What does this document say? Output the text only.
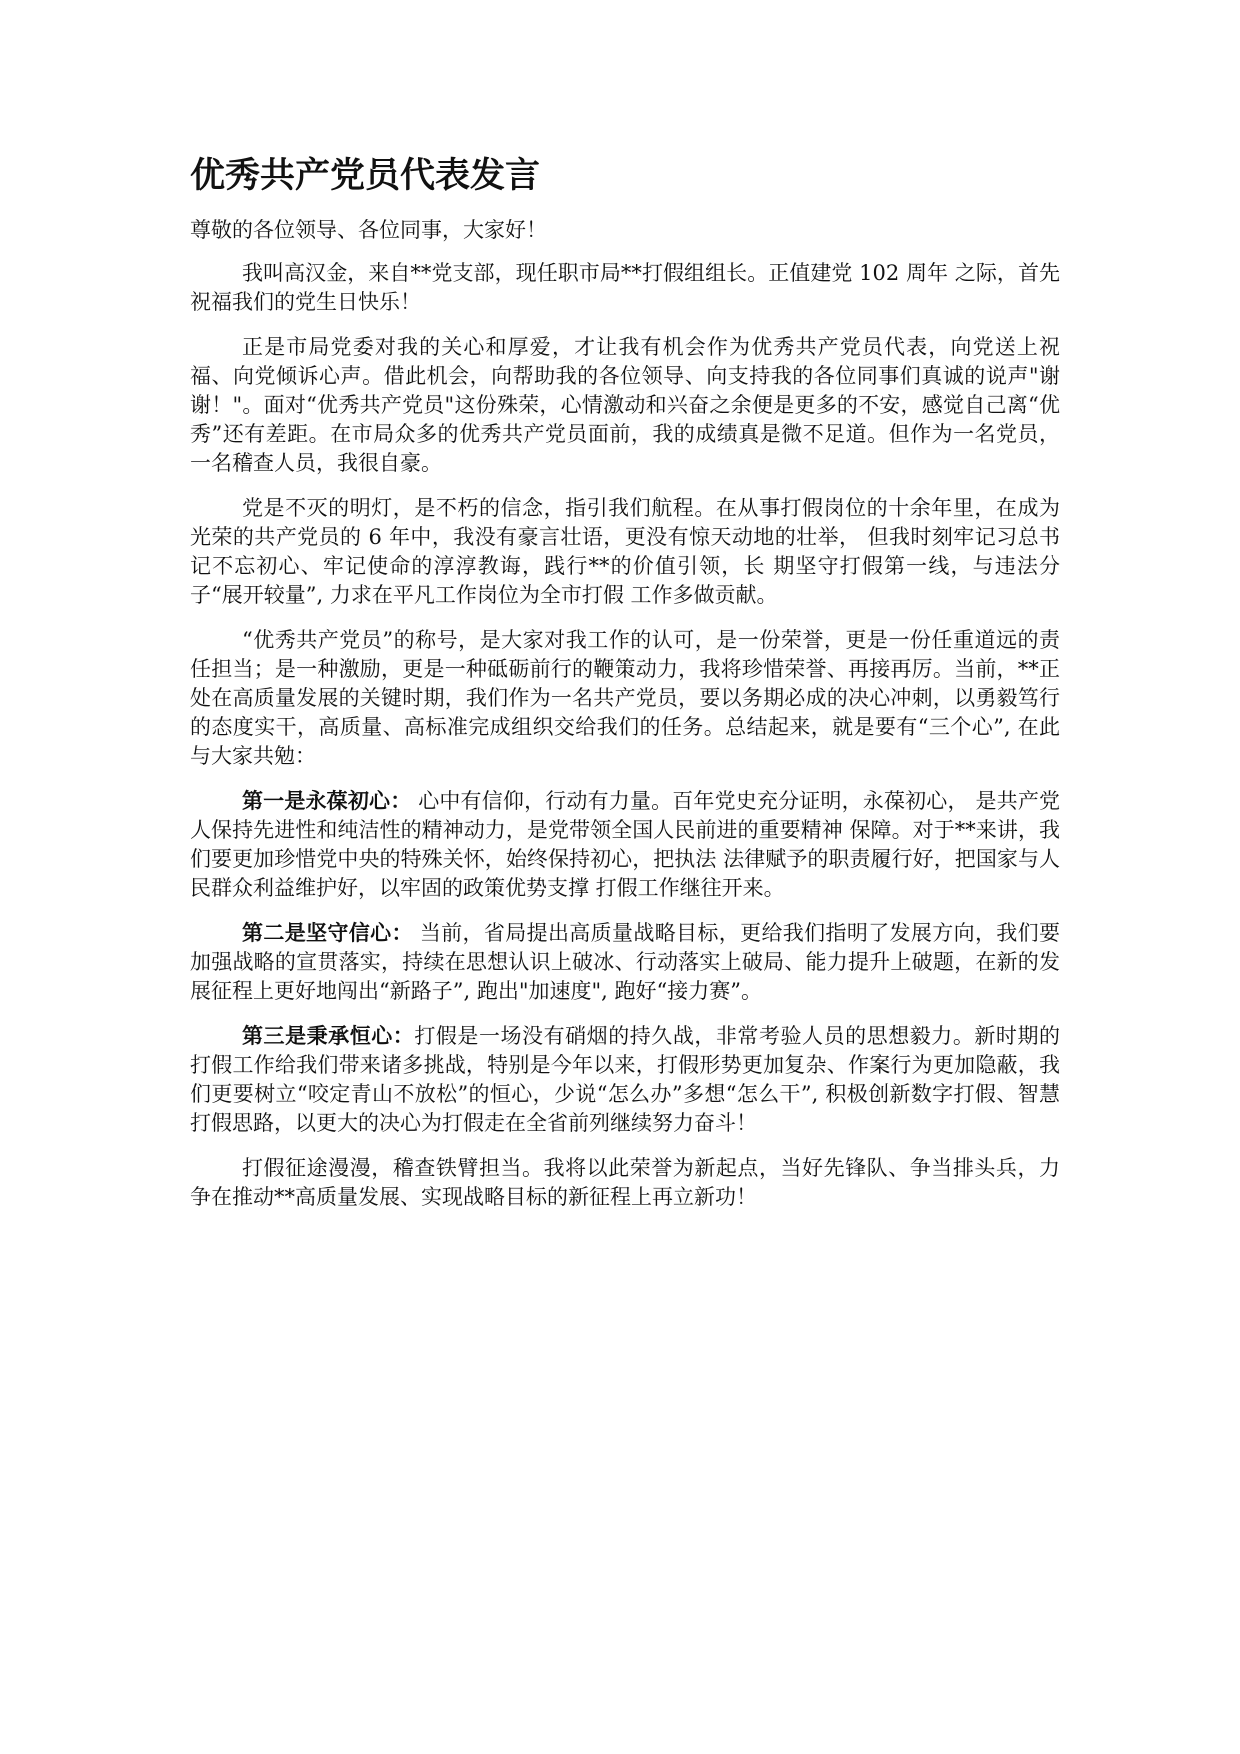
优秀共产党员代表发言

尊敬的各位领导、各位同事，大家好！

我叫高汉金，来自**党支部，现任职市局**打假组组长。正值建党 102 周年 之际，首先祝福我们的党生日快乐！

正是市局党委对我的关心和厚爱，才让我有机会作为优秀共产党员代表，向党送上祝福、向党倾诉心声。借此机会，向帮助我的各位领导、向支持我的各位同事们真诚的说声"谢谢！"。面对“优秀共产党员"这份殊荣，心情激动和兴奋之余便是更多的不安，感觉自己离“优秀”还有差距。在市局众多的优秀共产党员面前，我的成绩真是微不足道。但作为一名党员， 一名稽查人员，我很自豪。

党是不灭的明灯，是不朽的信念，指引我们航程。在从事打假岗位的十余年里，在成为光荣的共产党员的 6 年中，我没有豪言壮语，更没有惊天动地的壮举， 但我时刻牢记习总书记不忘初心、牢记使命的淳淳教诲，践行**的价值引领，长 期坚守打假第一线，与违法分子“展开较量”, 力求在平凡工作岗位为全市打假 工作多做贡献。

“优秀共产党员”的称号，是大家对我工作的认可，是一份荣誉，更是一份任重道远的责任担当；是一种激励，更是一种砥砺前行的鞭策动力，我将珍惜荣誉、再接再厉。当前，**正处在高质量发展的关键时期，我们作为一名共产党员，要以务期必成的决心冲刺，以勇毅笃行的态度实干，高质量、高标准完成组织交给我们的任务。总结起来，就是要有“三个心”, 在此与大家共勉：

第一是永葆初心： 心中有信仰，行动有力量。百年党史充分证明，永葆初心， 是共产党人保持先进性和纯洁性的精神动力，是党带领全国人民前进的重要精神 保障。对于**来讲，我们要更加珍惜党中央的特殊关怀，始终保持初心，把执法 法律赋予的职责履行好，把国家与人民群众利益维护好，以牢固的政策优势支撑 打假工作继往开来。

第二是坚守信心： 当前，省局提出高质量战略目标，更给我们指明了发展方向，我们要加强战略的宣贯落实，持续在思想认识上破冰、行动落实上破局、能力提升上破题，在新的发展征程上更好地闯出“新路子”, 跑出"加速度", 跑好“接力赛”。

第三是秉承恒心：打假是一场没有硝烟的持久战，非常考验人员的思想毅力。新时期的打假工作给我们带来诸多挑战，特别是今年以来，打假形势更加复杂、作案行为更加隐蔽，我们更要树立“咬定青山不放松”的恒心，少说“怎么办”多想“怎么干”, 积极创新数字打假、智慧打假思路，以更大的决心为打假走在全省前列继续努力奋斗！

打假征途漫漫，稽查铁臂担当。我将以此荣誉为新起点，当好先锋队、争当排头兵，力争在推动**高质量发展、实现战略目标的新征程上再立新功！
